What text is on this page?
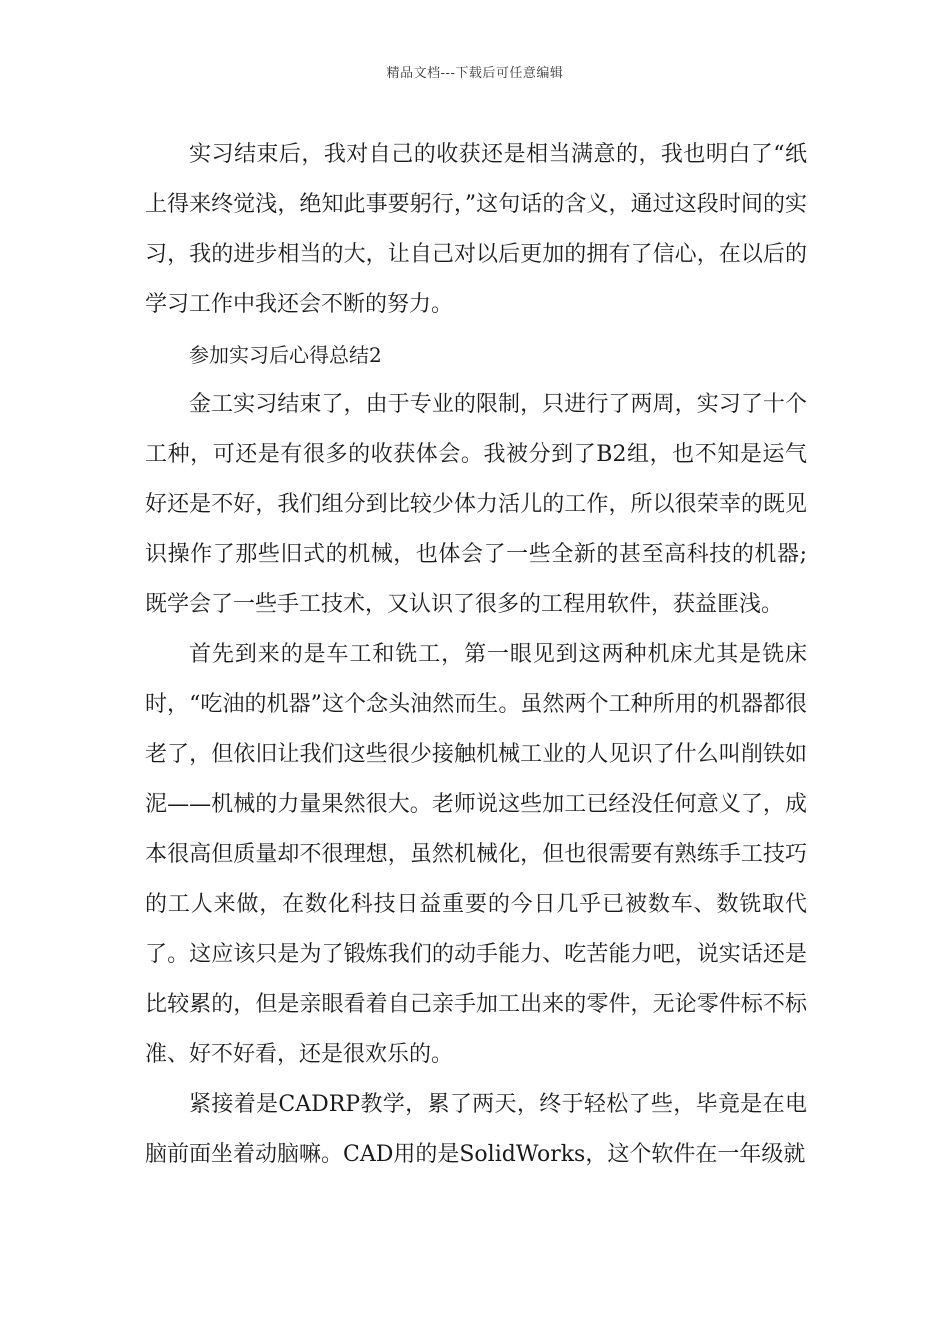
精品文档---下载后可任意编辑

实习结束后，我对自己的收获还是相当满意的，我也明白了“纸上得来终觉浅，绝知此事要躬行，”这句话的含义，通过这段时间的实习，我的进步相当的大，让自己对以后更加的拥有了信心，在以后的学习工作中我还会不断的努力。

参加实习后心得总结2

金工实习结束了，由于专业的限制，只进行了两周，实习了十个工种，可还是有很多的收获体会。我被分到了B2组，也不知是运气好还是不好，我们组分到比较少体力活儿的工作，所以很荣幸的既见识操作了那些旧式的机械，也体会了一些全新的甚至高科技的机器;既学会了一些手工技术，又认识了很多的工程用软件，获益匪浅。

首先到来的是车工和铣工，第一眼见到这两种机床尤其是铣床时，“吃油的机器”这个念头油然而生。虽然两个工种所用的机器都很老了，但依旧让我们这些很少接触机械工业的人见识了什么叫削铁如泥——机械的力量果然很大。老师说这些加工已经没任何意义了，成本很高但质量却不很理想，虽然机械化，但也很需要有熟练手工技巧的工人来做，在数化科技日益重要的今日几乎已被数车、数铣取代了。这应该只是为了锻炼我们的动手能力、吃苦能力吧，说实话还是比较累的，但是亲眼看着自己亲手加工出来的零件，无论零件标不标准、好不好看，还是很欢乐的。

紧接着是CADRP教学，累了两天，终于轻松了些，毕竟是在电脑前面坐着动脑嘛。CAD用的是SolidWorks，这个软件在一年级就
